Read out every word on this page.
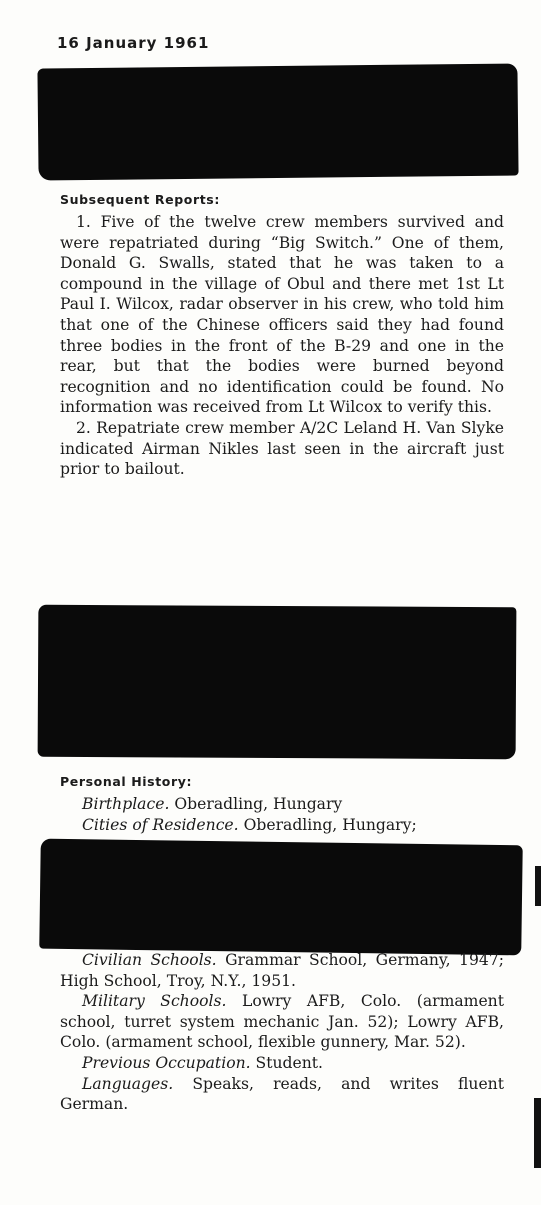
16 January 1961
Subsequent Reports:

1. Five of the twelve crew members survived and were repatriated during “Big Switch.” One of them, Donald G. Swalls, stated that he was taken to a compound in the village of Obul and there met 1st Lt Paul I. Wilcox, radar observer in his crew, who told him that one of the Chinese officers said they had found three bodies in the front of the B-29 and one in the rear, but that the bodies were burned beyond recognition and no identification could be found. No information was received from Lt Wilcox to verify this.

2. Repatriate crew member A/2C Leland H. Van Slyke indicated Airman Nikles last seen in the aircraft just prior to bailout.

Personal History:

Birthplace. Oberadling, Hungary

Cities of Residence. Oberadling, Hungary;

Civilian Schools. Grammar School, Germany, 1947; High School, Troy, N.Y., 1951.

Military Schools. Lowry AFB, Colo. (armament school, turret system mechanic Jan. 52); Lowry AFB, Colo. (armament school, flexible gunnery, Mar. 52).

Previous Occupation. Student.

Languages. Speaks, reads, and writes fluent German.
